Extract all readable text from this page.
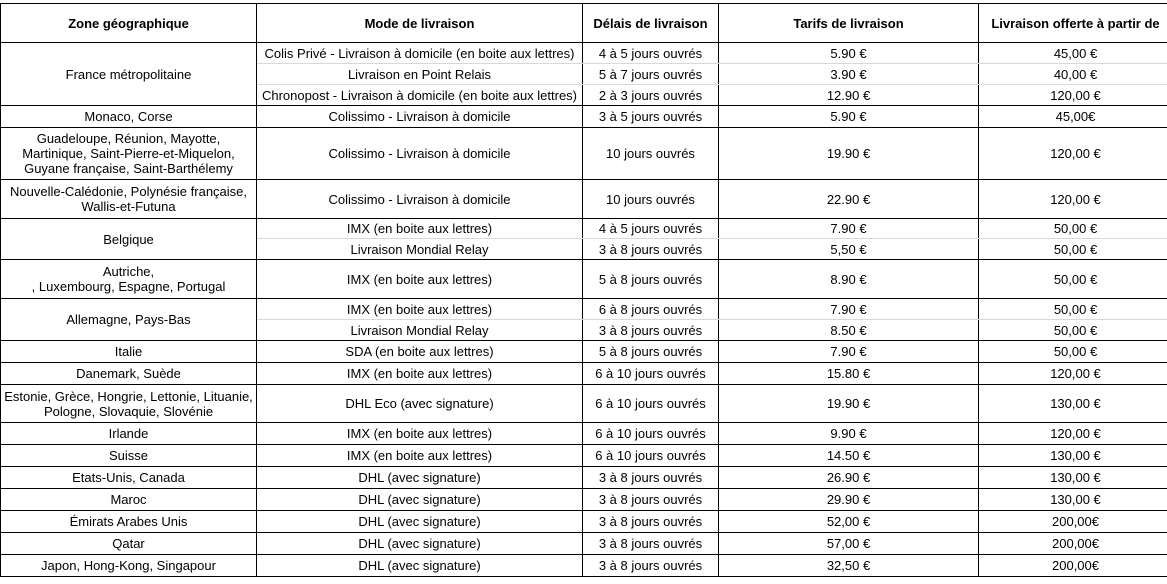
Zone géographique	Mode de livraison	Délais de livraison	Tarifs de livraison	Livraison offerte à partir de

France métropolitaine	Colis Privé - Livraison à domicile (en boite aux lettres)	4 à 5 jours ouvrés	5.90 €	45,00 €
	Livraison en Point Relais	5 à 7 jours ouvrés	3.90 €	40,00 €
	Chronopost - Livraison à domicile (en boite aux lettres)	2 à 3 jours ouvrés	12.90 €	120,00 €

Monaco, Corse	Colissimo - Livraison à domicile	3 à 5 jours ouvrés	5.90 €	45,00€

Guadeloupe, Réunion, Mayotte,
Martinique, Saint-Pierre-et-Miquelon,
Guyane française, Saint-Barthélemy	Colissimo - Livraison à domicile	10 jours ouvrés	19.90 €	120,00 €

Nouvelle-Calédonie, Polynésie française,
Wallis-et-Futuna	Colissimo - Livraison à domicile	10 jours ouvrés	22.90 €	120,00 €

Belgique	IMX (en boite aux lettres)	4 à 5 jours ouvrés	7.90 €	50,00 €
	Livraison Mondial Relay	3 à 8 jours ouvrés	5,50 €	50,00 €

Autriche,
, Luxembourg, Espagne, Portugal	IMX (en boite aux lettres)	5 à 8 jours ouvrés	8.90 €	50,00 €

Allemagne, Pays-Bas	IMX (en boite aux lettres)	6 à 8 jours ouvrés	7.90 €	50,00 €
	Livraison Mondial Relay	3 à 8 jours ouvrés	8.50 €	50,00 €

Italie	SDA (en boite aux lettres)	5 à 8 jours ouvrés	7.90 €	50,00 €

Danemark, Suède	IMX (en boite aux lettres)	6 à 10 jours ouvrés	15.80 €	120,00 €

Estonie, Grèce, Hongrie, Lettonie, Lituanie,
Pologne, Slovaquie, Slovénie	DHL Eco (avec signature)	6 à 10 jours ouvrés	19.90 €	130,00 €

Irlande	IMX (en boite aux lettres)	6 à 10 jours ouvrés	9.90 €	120,00 €

Suisse	IMX (en boite aux lettres)	6 à 10 jours ouvrés	14.50 €	130,00 €

Etats-Unis, Canada	DHL (avec signature)	3 à 8 jours ouvrés	26.90 €	130,00 €

Maroc	DHL (avec signature)	3 à 8 jours ouvrés	29.90 €	130,00 €

Émirats Arabes Unis	DHL (avec signature)	3 à 8 jours ouvrés	52,00 €	200,00€

Qatar	DHL (avec signature)	3 à 8 jours ouvrés	57,00 €	200,00€

Japon, Hong-Kong, Singapour	DHL (avec signature)	3 à 8 jours ouvrés	32,50 €	200,00€
